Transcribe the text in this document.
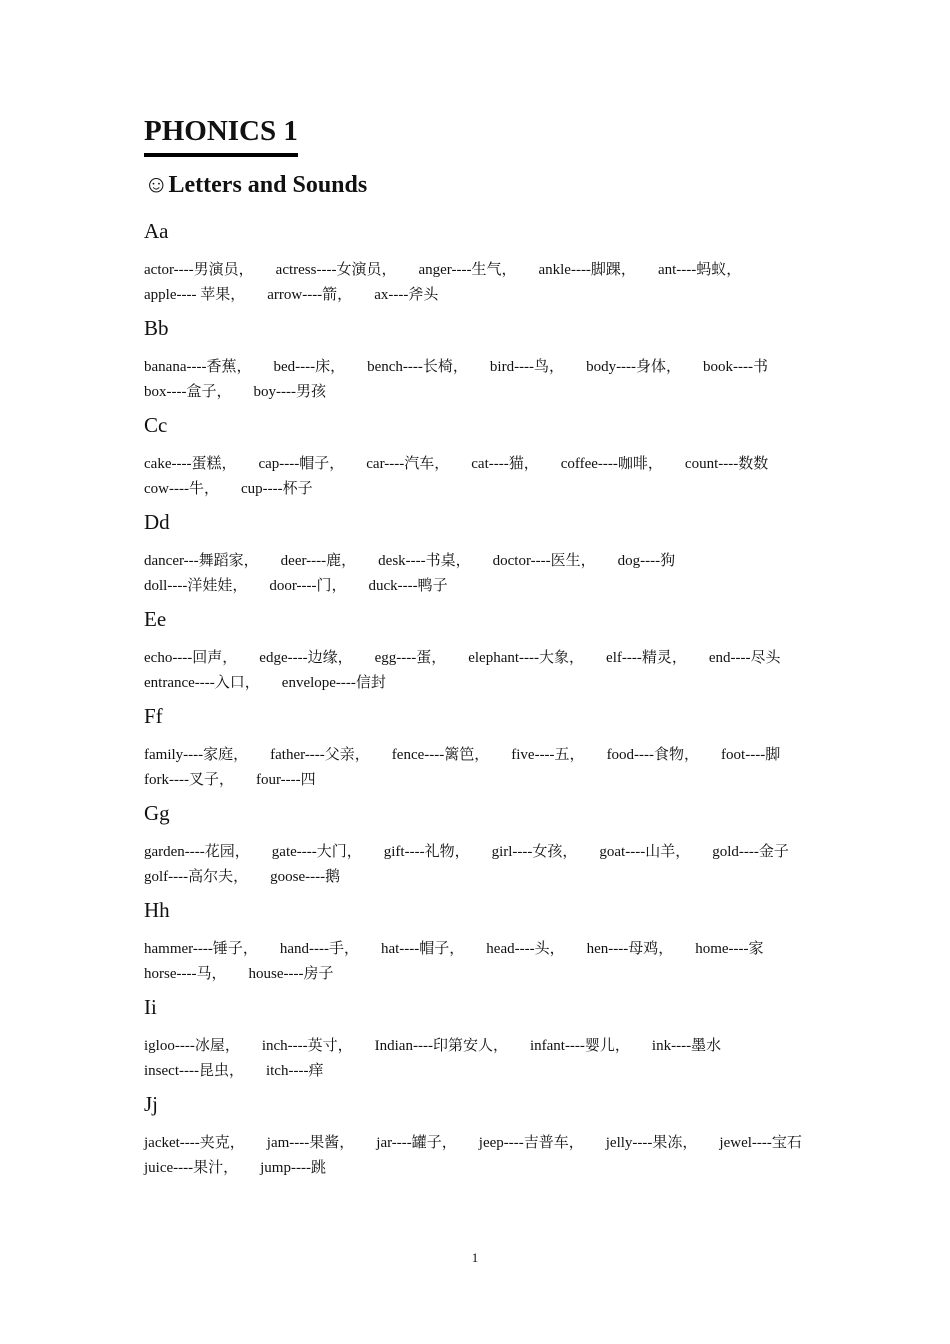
PHONICS 1
☺Letters and Sounds
Aa
actor----男演员， actress----女演员， anger----生气， ankle----脚踝， ant----蚂蚁，
apple---- 苹果， arrow----箭， ax----斧头
Bb
banana----香蕉， bed----床， bench----长椅， bird----鸟， body----身体， book----书
box----盒子， boy----男孩
Cc
cake----蛋糕， cap----帽子， car----汽车， cat----猫， coffee----咖啡， count----数数
cow----牛， cup----杯子
Dd
dancer---舞蹈家， deer----鹿， desk----书桌， doctor----医生， dog----狗
doll----洋娃娃， door----门， duck----鸭子
Ee
echo----回声， edge----边缘， egg----蛋， elephant----大象， elf----精灵， end----尽头
entrance----入口， envelope----信封
Ff
family----家庭， father----父亲， fence----篱笆， five----五， food----食物， foot----脚
fork----叉子， four----四
Gg
garden----花园， gate----大门， gift----礼物， girl----女孩， goat----山羊， gold----金子
golf----高尔夫， goose----鹅
Hh
hammer----锤子， hand----手， hat----帽子， head----头， hen----母鸡， home----家
horse----马， house----房子
Ii
igloo----冰屋， inch----英寸， Indian----印第安人， infant----婴儿， ink----墨水
insect----昆虫， itch----痒
Jj
jacket----夹克， jam----果酱， jar----罐子， jeep----吉普车， jelly----果冻， jewel----宝石
juice----果汁， jump----跳
1
